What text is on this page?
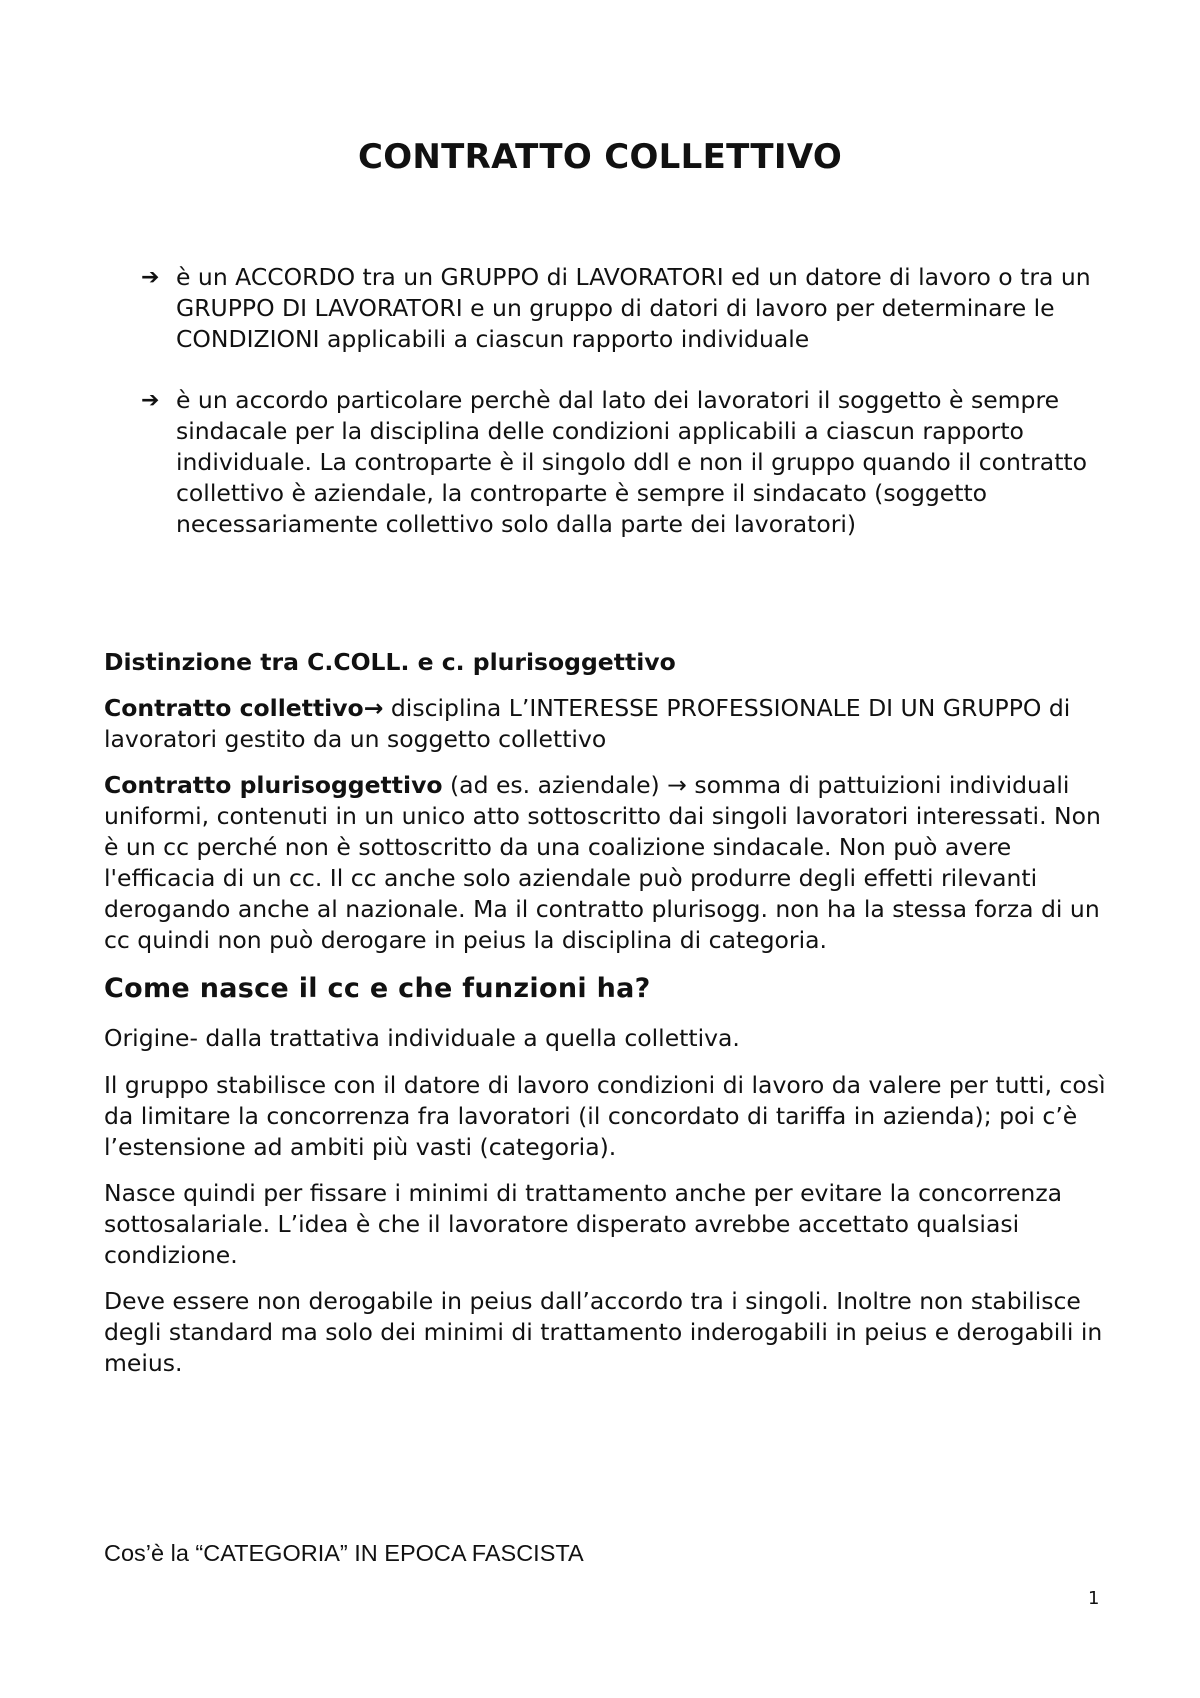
CONTRATTO COLLETTIVO
➔ è un ACCORDO tra un GRUPPO di LAVORATORI ed un datore di lavoro o tra un GRUPPO DI LAVORATORI e un gruppo di datori di lavoro per determinare le CONDIZIONI applicabili a ciascun rapporto individuale

➔ è un accordo particolare perchè dal lato dei lavoratori il soggetto è sempre sindacale per la disciplina delle condizioni applicabili a ciascun rapporto individuale. La controparte è il singolo ddl e non il gruppo quando il contratto collettivo è aziendale, la controparte è sempre il sindacato (soggetto necessariamente collettivo solo dalla parte dei lavoratori)

Distinzione tra C.COLL. e c. plurisoggettivo

Contratto collettivo→ disciplina L’INTERESSE PROFESSIONALE DI UN GRUPPO di lavoratori gestito da un soggetto collettivo

Contratto plurisoggettivo (ad es. aziendale) → somma di pattuizioni individuali uniformi, contenuti in un unico atto sottoscritto dai singoli lavoratori interessati. Non è un cc perché non è sottoscritto da una coalizione sindacale. Non può avere l'efficacia di un cc. Il cc anche solo aziendale può produrre degli effetti rilevanti derogando anche al nazionale. Ma il contratto plurisogg. non ha la stessa forza di un cc quindi non può derogare in peius la disciplina di categoria.

Come nasce il cc e che funzioni ha?

Origine- dalla trattativa individuale a quella collettiva.

Il gruppo stabilisce con il datore di lavoro condizioni di lavoro da valere per tutti, così da limitare la concorrenza fra lavoratori (il concordato di tariffa in azienda); poi c’è l’estensione ad ambiti più vasti (categoria).

Nasce quindi per fissare i minimi di trattamento anche per evitare la concorrenza sottosalariale. L’idea è che il lavoratore disperato avrebbe accettato qualsiasi condizione.

Deve essere non derogabile in peius dall’accordo tra i singoli. Inoltre non stabilisce degli standard ma solo dei minimi di trattamento inderogabili in peius e derogabili in meius.

Cos’è la “CATEGORIA” IN EPOCA FASCISTA

1
